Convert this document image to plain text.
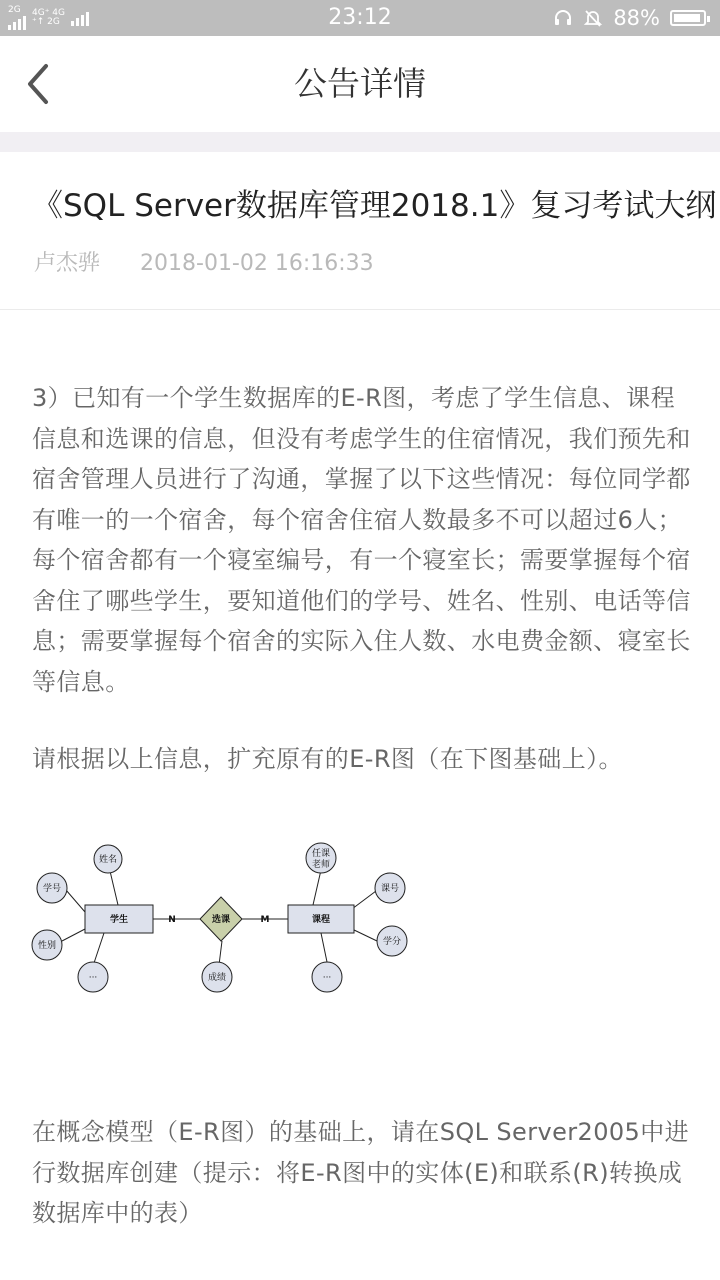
2G	4G⁺ 4G
⁺↑ 2G	23:12	88%
公告详情
《SQL Server数据库管理2018.1》复习考试大纲
卢杰骅 2018-01-02 16:16:33
3）已知有一个学生数据库的E-R图，考虑了学生信息、课程信息和选课的信息，但没有考虑学生的住宿情况，我们预先和宿舍管理人员进行了沟通，掌握了以下这些情况：每位同学都有唯一的一个宿舍，每个宿舍住宿人数最多不可以超过6人；每个宿舍都有一个寝室编号，有一个寝室长；需要掌握每个宿舍住了哪些学生，要知道他们的学号、姓名、性别、电话等信息；需要掌握每个宿舍的实际入住人数、水电费金额、寝室长等信息。
请根据以上信息，扩充原有的E-R图（在下图基础上）。
学生	课程
选课
N	M
姓名
学号
性别
···
任课
老师
课号
学分
···
成绩
在概念模型（E-R图）的基础上，请在SQL Server2005中进行数据库创建（提示：将E-R图中的实体(E)和联系(R)转换成数据库中的表）
